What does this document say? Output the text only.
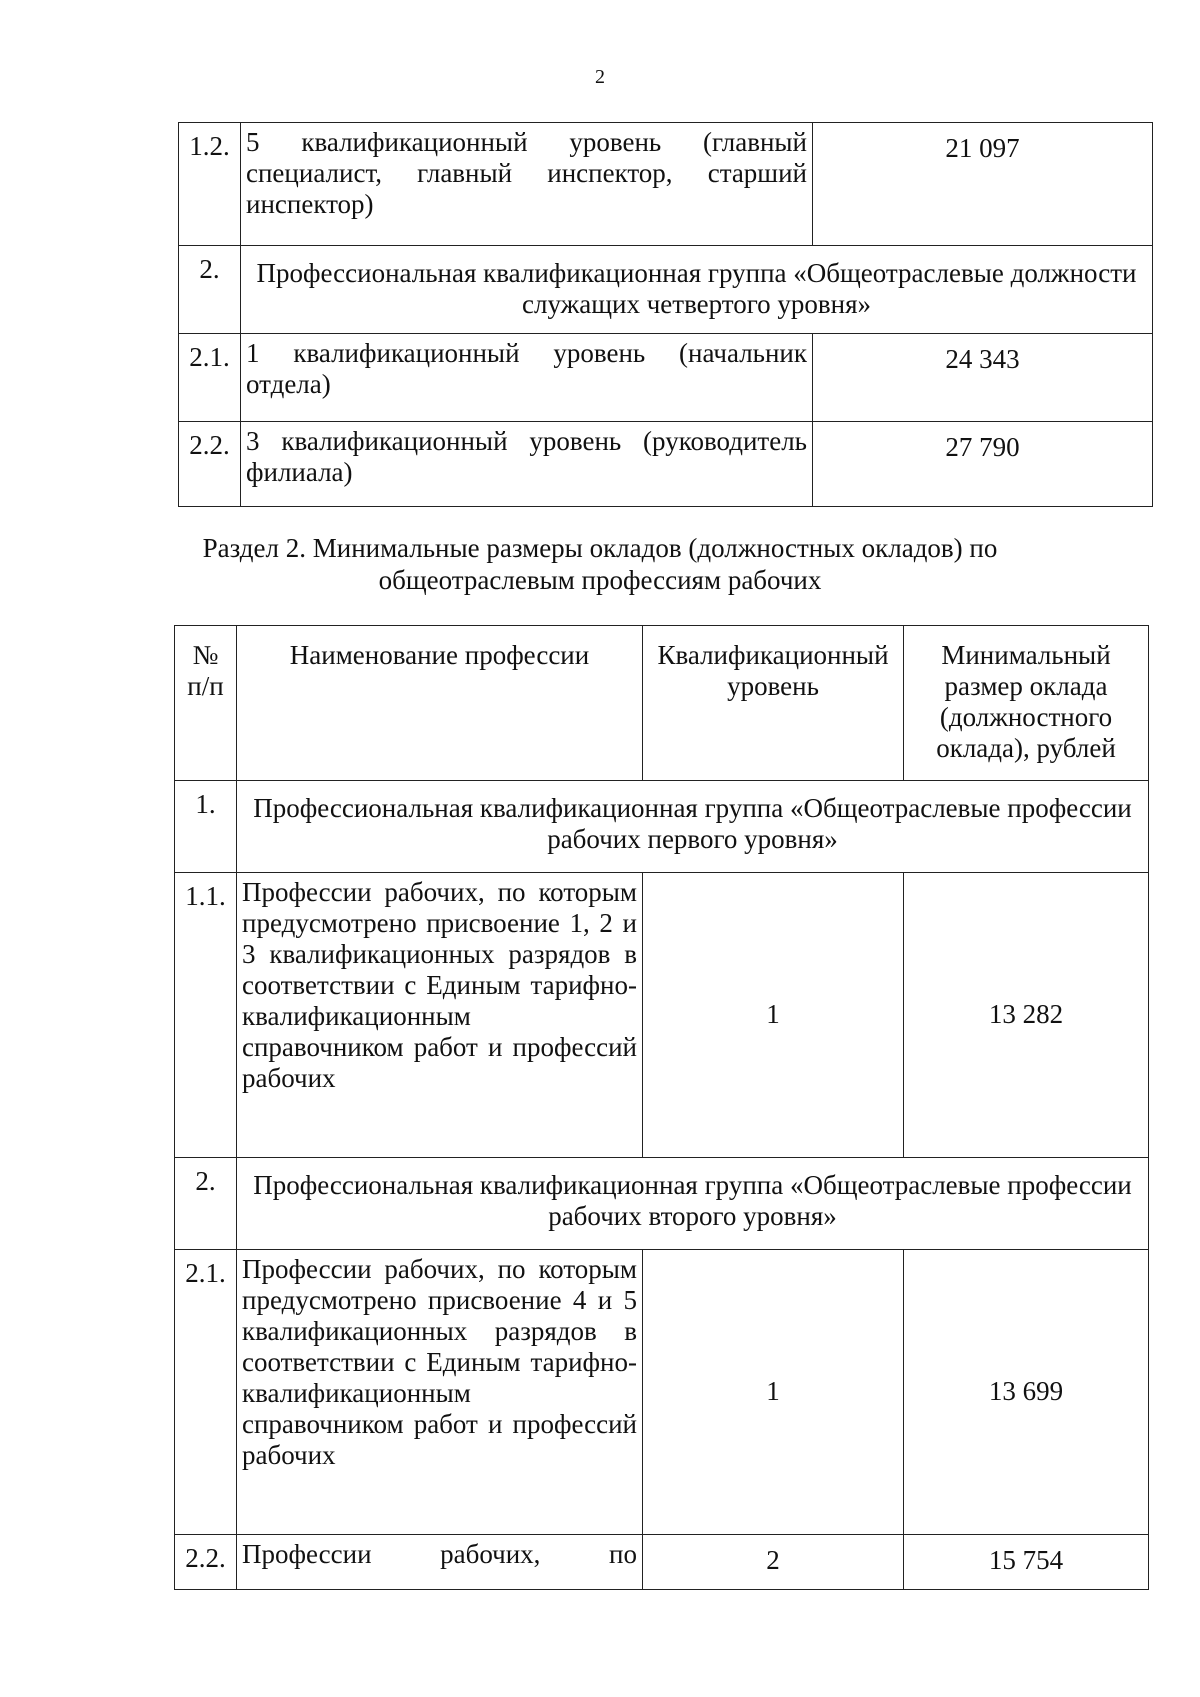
2
1.2.	5 квалификационный уровень (главный специалист, главный инспектор, старший инспектор)	21 097
2.	Профессиональная квалификационная группа «Общеотраслевые должности служащих четвертого уровня»	
2.1.	1 квалификационный уровень (начальник отдела)	24 343
2.2.	3 квалификационный уровень (руководитель филиала)	27 790
Раздел 2. Минимальные размеры окладов (должностных окладов) по
общеотраслевым профессиям рабочих
№ п/п	Наименование профессии	Квалификационный уровень	Минимальный размер оклада (должностного оклада), рублей
1.	Профессиональная квалификационная группа «Общеотраслевые профессии рабочих первого уровня»		
1.1.	Профессии рабочих, по которым предусмотрено присвоение 1, 2 и 3 квалификационных разрядов в соответствии с Единым тарифно-квалификационным справочником работ и профессий рабочих	1	13 282
2.	Профессиональная квалификационная группа «Общеотраслевые профессии рабочих второго уровня»		
2.1.	Профессии рабочих, по которым предусмотрено присвоение 4 и 5 квалификационных разрядов в соответствии с Единым тарифно-квалификационным справочником работ и профессий рабочих	1	13 699
2.2.	Профессии рабочих, по	2	15 754
